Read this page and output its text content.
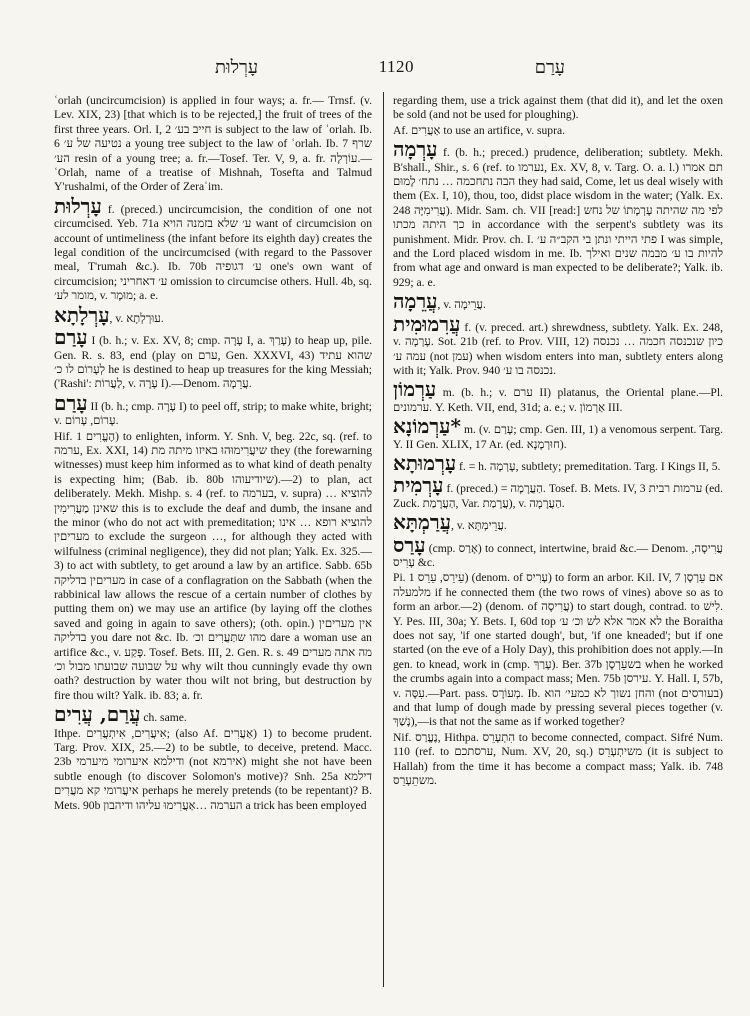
עָרְלוּת	1120	עָרַם

ʿorlah (uncircumcision) is applied in four ways; a. fr.— Trnsf. (v. Lev. XIX, 23) [that which is to be rejected,] the fruit of trees of the first three years. Orl. I, 2 חייב בע׳ is subject to the law of ʿorlah. Ib. 6 נטיעה של ע׳ a young tree subject to the law of ʿorlah. Ib. 7 שרף הע׳ resin of a young tree; a. fr.—Tosef. Ter. V, 9, a. fr. עוֹרְלָה.—ʿOrlah, name of a treatise of Mishnah, Tosefta and Talmud Y'rushalmi, of the Order of Zeraʿim.

עָרְלוּת f. (preced.) uncircumcision, the condition of one not circumcised. Yeb. 71a ע׳ שלא בזמנה הויא want of circumcision on account of untimeliness (the infant before its eighth day) creates the legal condition of the uncircumcised (with regard to the Passover meal, T'rumah &c.). Ib. 70b ע׳ דגופיה one's own want of circumcision; ע׳ דאחריני omission to circumcise others. Hull. 4b, sq. מומר לע׳, v. מוּמָר; a. e.

עָרְלָתָא, v. עוּרְלְתָא.

עָרַם I (b. h.; v. Ex. XV, 8; cmp. עָרָה I, a. עָרַךְ) to heap up, pile. Gen. R. s. 83, end (play on ערם, Gen. XXXVI, 43) שהוא עתיד לְעָרוֹם לו כ׳ he is destined to heap up treasures for the king Messiah; ('Rashi': לַעֲרוֹת, v. עָרָה I).—Denom. עֲרֵמָה.

עָרַם II (b. h.; cmp. עָרָה I) to peel off, strip; to make white, bright; v. עָרוֹם, עָרוֹם.

Hif. הֶעֱרִים 1) to enlighten, inform. Y. Snh. V, beg. 22c, sq. (ref. to ערמה, Ex. XXI, 14) שיעֲרִימוּהוּ באיזו מיתה מת they (the forewarning witnesses) must keep him informed as to what kind of death penalty is expecting him; (Bab. ib. 80b שיודיעוהו).—2) to plan, act deliberately. Mekh. Mishp. s. 4 (ref. to בערמה, v. supra) להוציא … שאינן מַעֲרִימִין this is to exclude the deaf and dumb, the insane and the minor (who do not act with premeditation; להוציא רופא … אינו מעריםין to exclude the surgeon …, for although they acted with wilfulness (criminal negligence), they did not plan; Yalk. Ex. 325.—3) to act with subtlety, to get around a law by an artifice. Sabb. 65b מעריםין בדליקה in case of a conflagration on the Sabbath (when the rabbinical law allows the rescue of a certain number of clothes by putting them on) we may use an artifice (by laying off the clothes saved and going in again to save others); (oth. opin.) אין מעריםין בדליקה you dare not &c. Ib. מהו שתַּעֲרִים וכ׳ dare a woman use an artifice &c., v. פָּקַע. Tosef. Bets. III, 2. Gen. R. s. 49 מה אתה מערים על שבועה שבועתו מבול וכ׳ why wilt thou cunningly evade thy own oath? destruction by water thou wilt not bring, but destruction by fire thou wilt? Yalk. ib. 83; a. fr.

עֲרַם, עֲרִים ch. same.

Ithpe. אִיעֲרִים, אִיתְעֲרִים; (also Af. אַעֲרִים) 1) to become prudent. Targ. Prov. XIX, 25.—2) to be subtle, to deceive, pretend. Macc. 23b ודילמא איערומי מיערמי (not אירמא) might she not have been subtle enough (to discover Solomon's motive)? Snh. 25a דילמא איעֲרומי קא מעֲרִים perhaps he merely pretends (to be repentant)? B. Mets. 90b הערמה …אַעֲרִימוּ עליהו ודיהבון a trick has been employed

regarding them, use a trick against them (that did it), and let the oxen be sold (and not be used for ploughing).

Af. אַעֲרִים to use an artifice, v. supra.

עָרְמָה f. (b. h.; preced.) prudence, deliberation; subtlety. Mekh. B'shall., Shir., s. 6 (ref. to נערמו, Ex. XV, 8, v. Targ. O. a. l.) תם אמרו הבה נתחכמה … נתח׳ לָמוּם they had said, Come, let us deal wisely with them (Ex. I, 10), thou, too, didst place wisdom in the water; (Yalk. Ex. 248 עֲרִימִיָּה). Midr. Sam. ch. VII [read:] לפי מה שהיתה עָרְמָתוֹ של נחש כך היתה מכתו in accordance with the serpent's subtlety was its punishment. Midr. Prov. ch. I. פתי הייתי ונתן בי הקב״ה ע׳ I was simple, and the Lord placed wisdom in me. Ib. להיות בו ע׳ מבמה שנים ואילך from what age and onward is man expected to be deliberate?; Yalk. ib. 929; a. e.

עֲרֵמָה, v. עֲרֵימָה.

עֲרִמוּמִית f. (v. preced. art.) shrewdness, subtlety. Yalk. Ex. 248, v. עָרְמָה. Sot. 21b (ref. to Prov. VIII, 12) כיון שנכנסה חכמה … נכנסה עמה ע׳ (not עמן) when wisdom enters into man, subtlety enters along with it; Yalk. Prov. 940 נכנסה בו ע׳.

עַרְמוֹן m. (b. h.; v. ערם II) platanus, the Oriental plane.—Pl. ערמונים. Y. Keth. VII, end, 31d; a. e.; v. אַרְמוֹן III.

*עַרְמוֹנָא m. (v. עָרַם; cmp. Gen. III, 1) a venomous serpent. Targ. Y. II Gen. XLIX, 17 Ar. (ed. חוּרְמָנָא).

עָרְמוּתָא f. = h. עָרְמָה, subtlety; premeditation. Targ. I Kings II, 5.

עָרְמִית f. (preced.) = הַעֲרָמָה. Tosef. B. Mets. IV, 3 ערמות רבית (ed. Zuck. הַעֲרָמַת, Var. עֲרָמַת), v. הַעֲרָמָה.

עֲרַמְתָּא, v. עֲרֵימְתָּא.

עָרַס (cmp. אָרַס) to connect, intertwine, braid &c.— Denom. עֲרִיסָה, עָרִיס &c.

Pi. עֵירֵס, עֵרֵס 1) (denom. of עָרִיס) to form an arbor. Kil. IV, 7 אם עֵרְסָן מלמעלה if he connected them (the two rows of vines) above so as to form an arbor.—2) (denom. of עֲרִיסָה) to start dough, contrad. to לִישׁ. Y. Pes. III, 30a; Y. Bets. I, 60d top לא אמר אלא לש וכ׳ ע׳ the Boraitha does not say, 'if one started dough', but, 'if one kneaded'; but if one started (on the eve of a Holy Day), this prohibition does not apply.—In gen. to knead, work in (cmp. עָרַךְ). Ber. 37b בשעֵרְסָן when he worked the crumbs again into a compact mass; Men. 75b עירסן. Y. Hall. I, 57b, v. עִסָּה.—Part. pass. מְעוֹרָס. Ib. והחן נשוך לא כמעי׳ הוא (not בעורסים) and that lump of dough made by pressing several pieces together (v. נָשַׁךְ),—is that not the same as if worked together?

Nif. נֶעֱרַס, Hithpa. הִתְעָרֵס to become connected, compact. Sifré Num. 110 (ref. to ערסתכם, Num. XV, 20, sq.) משיתְעָרֵס (it is subject to Hallah) from the time it has become a compact mass; Yalk. ib. 748 משתֵעָרֵס.
